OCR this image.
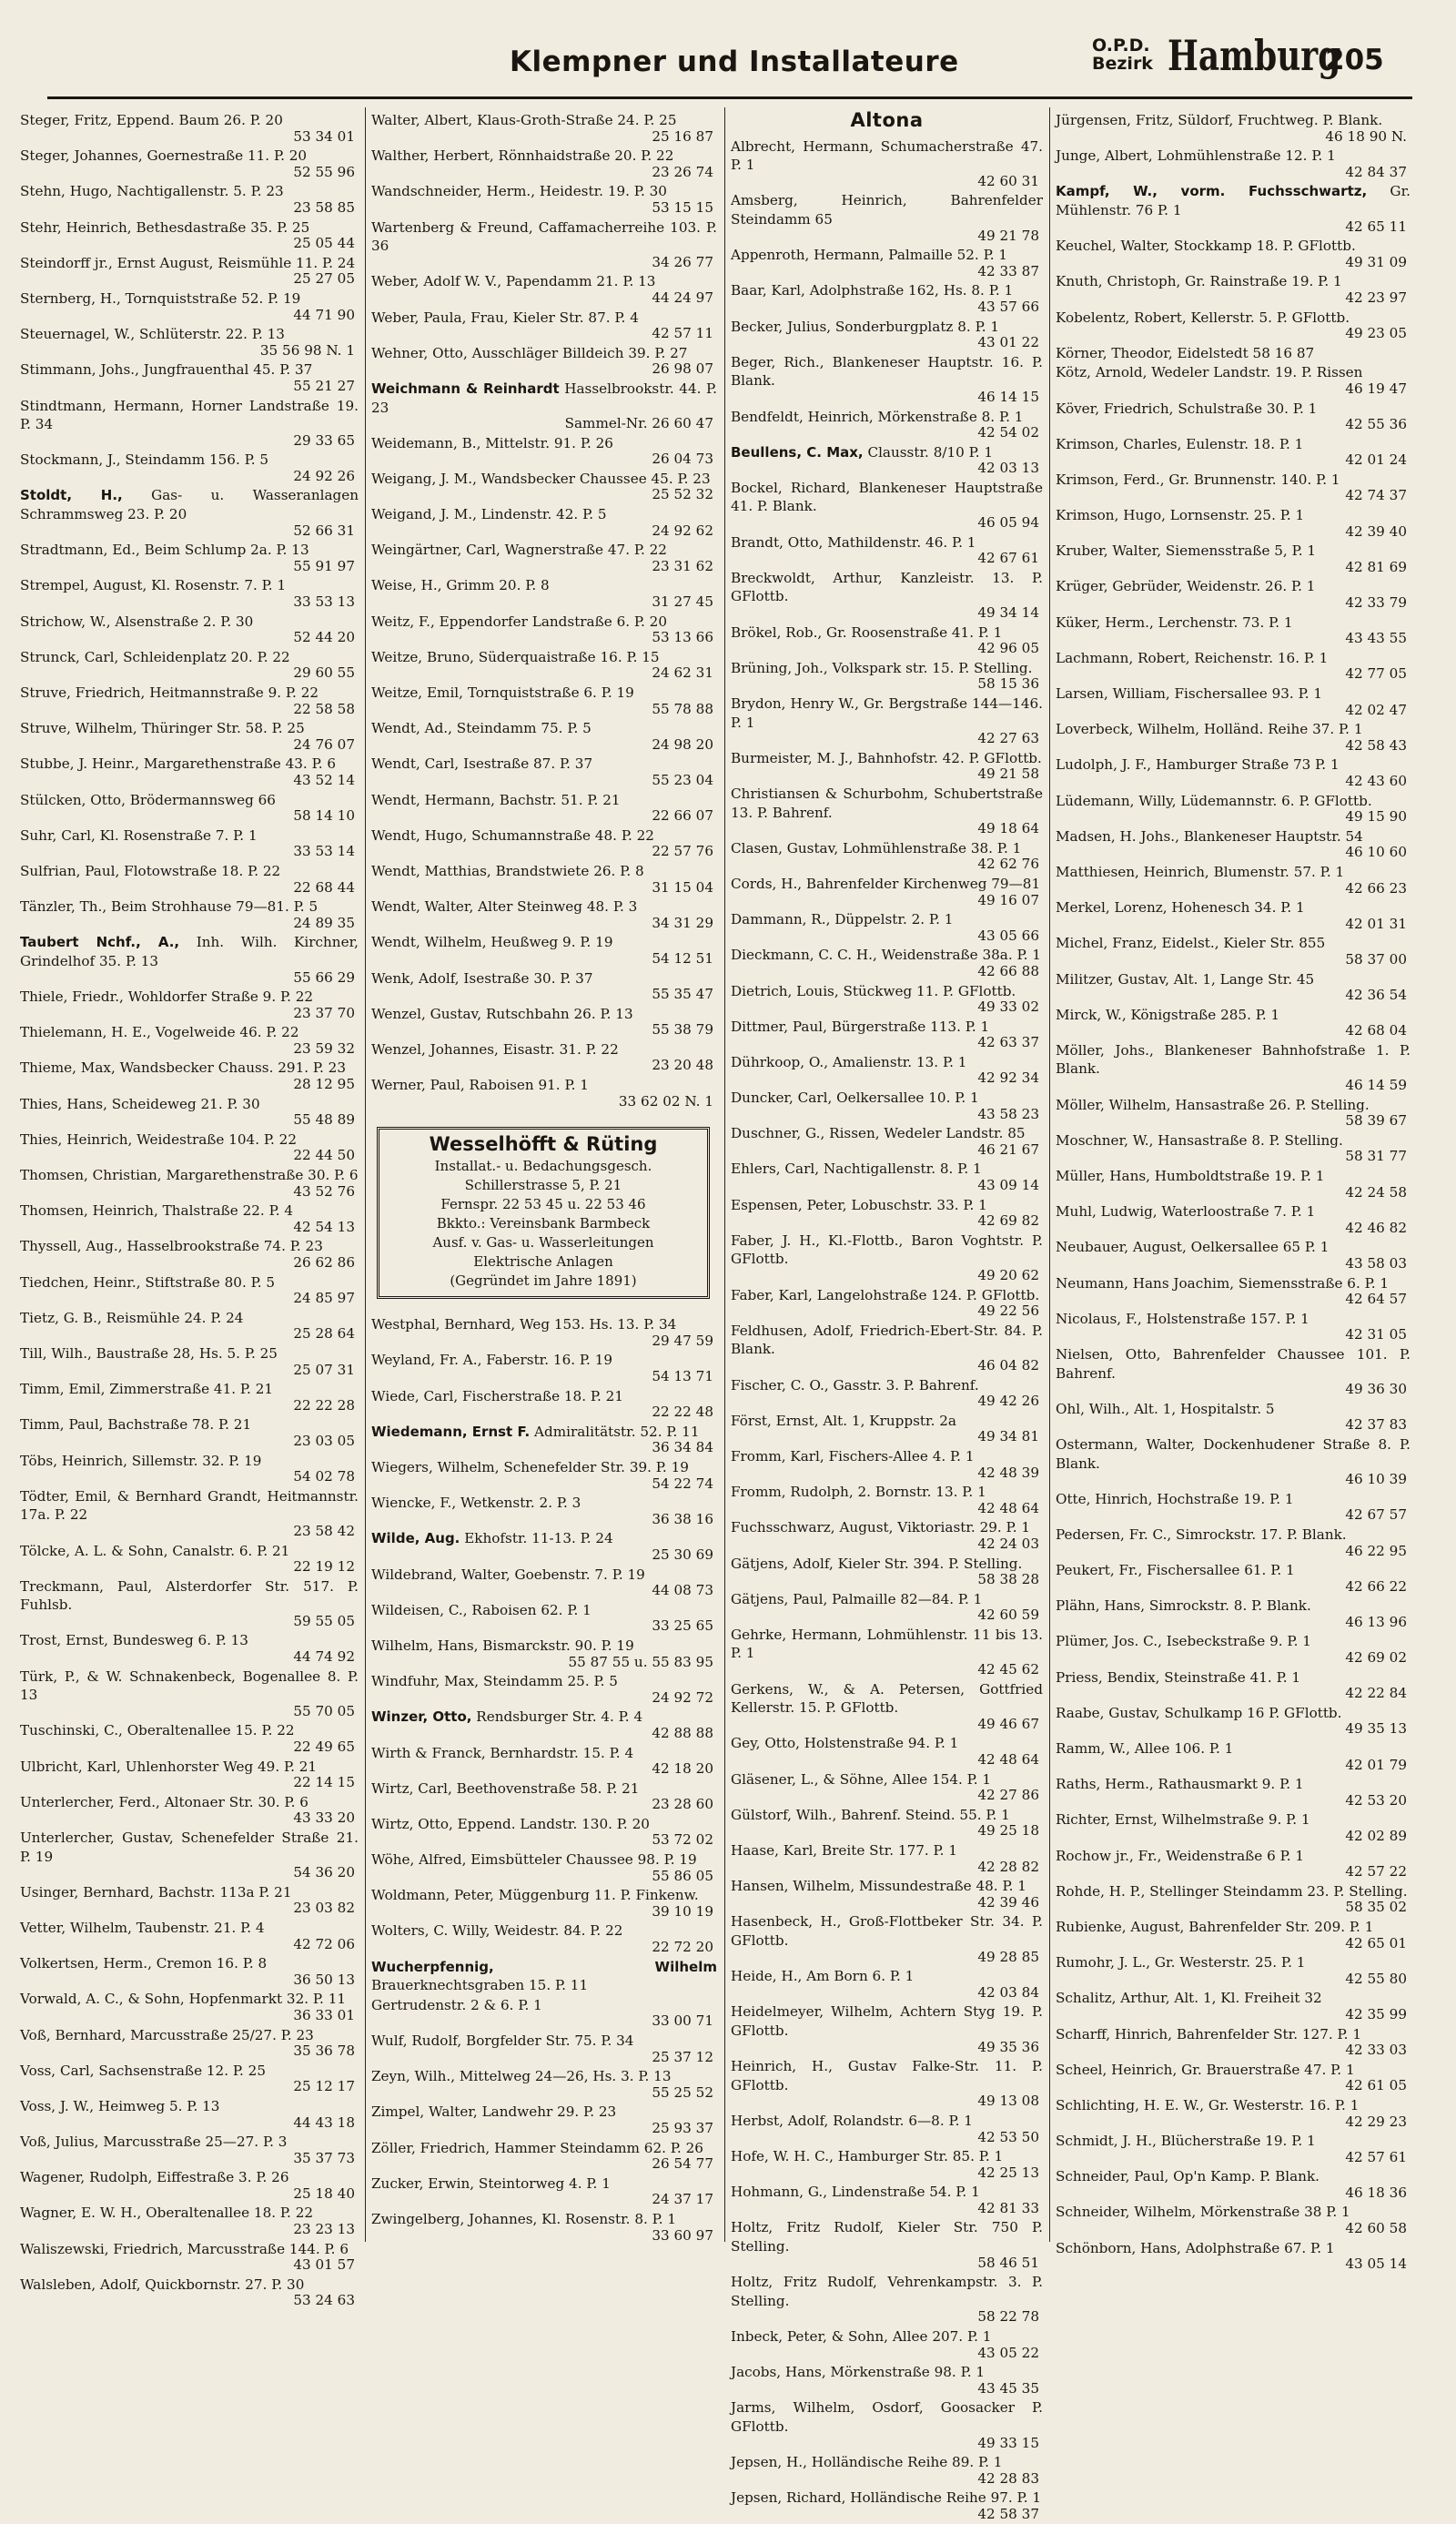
Klempner und Installateure	O.P.D.
Bezirk Hamburg
205
Steger, Fritz, Eppend. Baum 26. P. 20
53 34 01
Steger, Johannes, Goernestraße 11. P. 20
52 55 96
Stehn, Hugo, Nachtigallenstr. 5. P. 23
23 58 85
Stehr, Heinrich, Bethesdastraße 35. P. 25
25 05 44
Steindorff jr., Ernst August, Reismühle 11. P. 24
25 27 05
Sternberg, H., Tornquiststraße 52. P. 19
44 71 90
Steuernagel, W., Schlüterstr. 22. P. 13
35 56 98 N. 1
Stimmann, Johs., Jungfrauenthal 45. P. 37
55 21 27
Stindtmann, Hermann, Horner Landstraße 19. P. 34
29 33 65
Stockmann, J., Steindamm 156. P. 5
24 92 26
Stoldt, H., Gas- u. Wasseranlagen Schrammsweg 23. P. 20
52 66 31
Stradtmann, Ed., Beim Schlump 2a. P. 13
55 91 97
Strempel, August, Kl. Rosenstr. 7. P. 1
33 53 13
Strichow, W., Alsenstraße 2. P. 30
52 44 20
Strunck, Carl, Schleidenplatz 20. P. 22
29 60 55
Struve, Friedrich, Heitmannstraße 9. P. 22
22 58 58
Struve, Wilhelm, Thüringer Str. 58. P. 25
24 76 07
Stubbe, J. Heinr., Margarethenstraße 43. P. 6
43 52 14
Stülcken, Otto, Brödermannsweg 66
58 14 10
Suhr, Carl, Kl. Rosenstraße 7. P. 1
33 53 14
Sulfrian, Paul, Flotowstraße 18. P. 22
22 68 44
Tänzler, Th., Beim Strohhause 79—81. P. 5
24 89 35
Taubert Nchf., A., Inh. Wilh. Kirchner, Grindelhof 35. P. 13
55 66 29
Thiele, Friedr., Wohldorfer Straße 9. P. 22
23 37 70
Thielemann, H. E., Vogelweide 46. P. 22
23 59 32
Thieme, Max, Wandsbecker Chauss. 291. P. 23
28 12 95
Thies, Hans, Scheideweg 21. P. 30
55 48 89
Thies, Heinrich, Weidestraße 104. P. 22
22 44 50
Thomsen, Christian, Margarethenstraße 30. P. 6
43 52 76
Thomsen, Heinrich, Thalstraße 22. P. 4
42 54 13
Thyssell, Aug., Hasselbrookstraße 74. P. 23
26 62 86
Tiedchen, Heinr., Stiftstraße 80. P. 5
24 85 97
Tietz, G. B., Reismühle 24. P. 24
25 28 64
Till, Wilh., Baustraße 28, Hs. 5. P. 25
25 07 31
Timm, Emil, Zimmerstraße 41. P. 21
22 22 28
Timm, Paul, Bachstraße 78. P. 21
23 03 05
Töbs, Heinrich, Sillemstr. 32. P. 19
54 02 78
Tödter, Emil, & Bernhard Grandt, Heitmannstr. 17a. P. 22
23 58 42
Tölcke, A. L. & Sohn, Canalstr. 6. P. 21
22 19 12
Treckmann, Paul, Alsterdorfer Str. 517. P. Fuhlsb.
59 55 05
Trost, Ernst, Bundesweg 6. P. 13
44 74 92
Türk, P., & W. Schnakenbeck, Bogenallee 8. P. 13
55 70 05
Tuschinski, C., Oberaltenallee 15. P. 22
22 49 65
Ulbricht, Karl, Uhlenhorster Weg 49. P. 21
22 14 15
Unterlercher, Ferd., Altonaer Str. 30. P. 6
43 33 20
Unterlercher, Gustav, Schenefelder Straße 21. P. 19
54 36 20
Usinger, Bernhard, Bachstr. 113a P. 21
23 03 82
Vetter, Wilhelm, Taubenstr. 21. P. 4
42 72 06
Volkertsen, Herm., Cremon 16. P. 8
36 50 13
Vorwald, A. C., & Sohn, Hopfenmarkt 32. P. 11
36 33 01
Voß, Bernhard, Marcusstraße 25/27. P. 23
35 36 78
Voss, Carl, Sachsenstraße 12. P. 25
25 12 17
Voss, J. W., Heimweg 5. P. 13
44 43 18
Voß, Julius, Marcusstraße 25—27. P. 3
35 37 73
Wagener, Rudolph, Eiffestraße 3. P. 26
25 18 40
Wagner, E. W. H., Oberaltenallee 18. P. 22
23 23 13
Waliszewski, Friedrich, Marcusstraße 144. P. 6
43 01 57
Walsleben, Adolf, Quickbornstr. 27. P. 30
53 24 63
Walter, Albert, Klaus-Groth-Straße 24. P. 25
25 16 87
Walther, Herbert, Rönnhaidstraße 20. P. 22
23 26 74
Wandschneider, Herm., Heidestr. 19. P. 30
53 15 15
Wartenberg & Freund, Caffamacherreihe 103. P. 36
34 26 77
Weber, Adolf W. V., Papendamm 21. P. 13
44 24 97
Weber, Paula, Frau, Kieler Str. 87. P. 4
42 57 11
Wehner, Otto, Ausschläger Billdeich 39. P. 27
26 98 07
Weichmann & Reinhardt Hasselbrookstr. 44. P. 23
Sammel-Nr. 26 60 47
Weidemann, B., Mittelstr. 91. P. 26
26 04 73
Weigang, J. M., Wandsbecker Chaussee 45. P. 23
25 52 32
Weigand, J. M., Lindenstr. 42. P. 5
24 92 62
Weingärtner, Carl, Wagnerstraße 47. P. 22
23 31 62
Weise, H., Grimm 20. P. 8
31 27 45
Weitz, F., Eppendorfer Landstraße 6. P. 20
53 13 66
Weitze, Bruno, Süderquaistraße 16. P. 15
24 62 31
Weitze, Emil, Tornquiststraße 6. P. 19
55 78 88
Wendt, Ad., Steindamm 75. P. 5
24 98 20
Wendt, Carl, Isestraße 87. P. 37
55 23 04
Wendt, Hermann, Bachstr. 51. P. 21
22 66 07
Wendt, Hugo, Schumannstraße 48. P. 22
22 57 76
Wendt, Matthias, Brandstwiete 26. P. 8
31 15 04
Wendt, Walter, Alter Steinweg 48. P. 3
34 31 29
Wendt, Wilhelm, Heußweg 9. P. 19
54 12 51
Wenk, Adolf, Isestraße 30. P. 37
55 35 47
Wenzel, Gustav, Rutschbahn 26. P. 13
55 38 79
Wenzel, Johannes, Eisastr. 31. P. 22
23 20 48
Werner, Paul, Raboisen 91. P. 1
33 62 02 N. 1
Wesselhöfft & Rüting
Installat.- u. Bedachungsgesch.
Schillerstrasse 5, P. 21
Fernspr. 22 53 45 u. 22 53 46
Bkkto.: Vereinsbank Barmbeck
Ausf. v. Gas- u. Wasserleitungen
Elektrische Anlagen
(Gegründet im Jahre 1891)
Westphal, Bernhard, Weg 153. Hs. 13. P. 34
29 47 59
Weyland, Fr. A., Faberstr. 16. P. 19
54 13 71
Wiede, Carl, Fischerstraße 18. P. 21
22 22 48
Wiedemann, Ernst F. Admiralitätstr. 52. P. 11
36 34 84
Wiegers, Wilhelm, Schenefelder Str. 39. P. 19
54 22 74
Wiencke, F., Wetkenstr. 2. P. 3
36 38 16
Wilde, Aug. Ekhofstr. 11-13. P. 24
25 30 69
Wildebrand, Walter, Goebenstr. 7. P. 19
44 08 73
Wildeisen, C., Raboisen 62. P. 1
33 25 65
Wilhelm, Hans, Bismarckstr. 90. P. 19
55 87 55 u. 55 83 95
Windfuhr, Max, Steindamm 25. P. 5
24 92 72
Winzer, Otto, Rendsburger Str. 4. P. 4
42 88 88
Wirth & Franck, Bernhardstr. 15. P. 4
42 18 20
Wirtz, Carl, Beethovenstraße 58. P. 21
23 28 60
Wirtz, Otto, Eppend. Landstr. 130. P. 20
53 72 02
Wöhe, Alfred, Eimsbütteler Chaussee 98. P. 19
55 86 05
Woldmann, Peter, Müggenburg 11. P. Finkenw.
39 10 19
Wolters, C. Willy, Weidestr. 84. P. 22
22 72 20
Wucherpfennig, Wilhelm Brauerknechtsgraben 15. P. 11
Gertrudenstr. 2 & 6. P. 1
33 00 71
Wulf, Rudolf, Borgfelder Str. 75. P. 34
25 37 12
Zeyn, Wilh., Mittelweg 24—26, Hs. 3. P. 13
55 25 52
Zimpel, Walter, Landwehr 29. P. 23
25 93 37
Zöller, Friedrich, Hammer Steindamm 62. P. 26
26 54 77
Zucker, Erwin, Steintorweg 4. P. 1
24 37 17
Zwingelberg, Johannes, Kl. Rosenstr. 8. P. 1
33 60 97
Altona
Albrecht, Hermann, Schumacherstraße 47. P. 1
42 60 31
Amsberg, Heinrich, Bahrenfelder Steindamm 65
49 21 78
Appenroth, Hermann, Palmaille 52. P. 1
42 33 87
Baar, Karl, Adolphstraße 162, Hs. 8. P. 1
43 57 66
Becker, Julius, Sonderburgplatz 8. P. 1
43 01 22
Beger, Rich., Blankeneser Hauptstr. 16. P. Blank.
46 14 15
Bendfeldt, Heinrich, Mörkenstraße 8. P. 1
42 54 02
Beullens, C. Max, Clausstr. 8/10 P. 1
42 03 13
Bockel, Richard, Blankeneser Hauptstraße 41. P. Blank.
46 05 94
Brandt, Otto, Mathildenstr. 46. P. 1
42 67 61
Breckwoldt, Arthur, Kanzleistr. 13. P. GFlottb.
49 34 14
Brökel, Rob., Gr. Roosenstraße 41. P. 1
42 96 05
Brüning, Joh., Volkspark str. 15. P. Stelling.
58 15 36
Brydon, Henry W., Gr. Bergstraße 144—146. P. 1
42 27 63
Burmeister, M. J., Bahnhofstr. 42. P. GFlottb.
49 21 58
Christiansen & Schurbohm, Schubertstraße 13. P. Bahrenf.
49 18 64
Clasen, Gustav, Lohmühlenstraße 38. P. 1
42 62 76
Cords, H., Bahrenfelder Kirchenweg 79—81
49 16 07
Dammann, R., Düppelstr. 2. P. 1
43 05 66
Dieckmann, C. C. H., Weidenstraße 38a. P. 1
42 66 88
Dietrich, Louis, Stückweg 11. P. GFlottb.
49 33 02
Dittmer, Paul, Bürgerstraße 113. P. 1
42 63 37
Dührkoop, O., Amalienstr. 13. P. 1
42 92 34
Duncker, Carl, Oelkersallee 10. P. 1
43 58 23
Duschner, G., Rissen, Wedeler Landstr. 85
46 21 67
Ehlers, Carl, Nachtigallenstr. 8. P. 1
43 09 14
Espensen, Peter, Lobuschstr. 33. P. 1
42 69 82
Faber, J. H., Kl.-Flottb., Baron Voghtstr. P. GFlottb.
49 20 62
Faber, Karl, Langelohstraße 124. P. GFlottb.
49 22 56
Feldhusen, Adolf, Friedrich-Ebert-Str. 84. P. Blank.
46 04 82
Fischer, C. O., Gasstr. 3. P. Bahrenf.
49 42 26
Först, Ernst, Alt. 1, Kruppstr. 2a
49 34 81
Fromm, Karl, Fischers-Allee 4. P. 1
42 48 39
Fromm, Rudolph, 2. Bornstr. 13. P. 1
42 48 64
Fuchsschwarz, August, Viktoriastr. 29. P. 1
42 24 03
Gätjens, Adolf, Kieler Str. 394. P. Stelling.
58 38 28
Gätjens, Paul, Palmaille 82—84. P. 1
42 60 59
Gehrke, Hermann, Lohmühlenstr. 11 bis 13. P. 1
42 45 62
Gerkens, W., & A. Petersen, Gottfried Kellerstr. 15. P. GFlottb.
49 46 67
Gey, Otto, Holstenstraße 94. P. 1
42 48 64
Gläsener, L., & Söhne, Allee 154. P. 1
42 27 86
Gülstorf, Wilh., Bahrenf. Steind. 55. P. 1
49 25 18
Haase, Karl, Breite Str. 177. P. 1
42 28 82
Hansen, Wilhelm, Missundestraße 48. P. 1
42 39 46
Hasenbeck, H., Groß-Flottbeker Str. 34. P. GFlottb.
49 28 85
Heide, H., Am Born 6. P. 1
42 03 84
Heidelmeyer, Wilhelm, Achtern Styg 19. P. GFlottb.
49 35 36
Heinrich, H., Gustav Falke-Str. 11. P. GFlottb.
49 13 08
Herbst, Adolf, Rolandstr. 6—8. P. 1
42 53 50
Hofe, W. H. C., Hamburger Str. 85. P. 1
42 25 13
Hohmann, G., Lindenstraße 54. P. 1
42 81 33
Holtz, Fritz Rudolf, Kieler Str. 750 P. Stelling.
58 46 51
Holtz, Fritz Rudolf, Vehrenkampstr. 3. P. Stelling.
58 22 78
Inbeck, Peter, & Sohn, Allee 207. P. 1
43 05 22
Jacobs, Hans, Mörkenstraße 98. P. 1
43 45 35
Jarms, Wilhelm, Osdorf, Goosacker P. GFlottb.
49 33 15
Jepsen, H., Holländische Reihe 89. P. 1
42 28 83
Jepsen, Richard, Holländische Reihe 97. P. 1
42 58 37
Jürgensen, Fritz, Süldorf, Fruchtweg. P. Blank.
46 18 90 N.
Junge, Albert, Lohmühlenstraße 12. P. 1
42 84 37
Kampf, W., vorm. Fuchsschwartz, Gr. Mühlenstr. 76 P. 1
42 65 11
Keuchel, Walter, Stockkamp 18. P. GFlottb.
49 31 09
Knuth, Christoph, Gr. Rainstraße 19. P. 1
42 23 97
Kobelentz, Robert, Kellerstr. 5. P. GFlottb.
49 23 05
Körner, Theodor, Eidelstedt 58 16 87
Kötz, Arnold, Wedeler Landstr. 19. P. Rissen
46 19 47
Köver, Friedrich, Schulstraße 30. P. 1
42 55 36
Krimson, Charles, Eulenstr. 18. P. 1
42 01 24
Krimson, Ferd., Gr. Brunnenstr. 140. P. 1
42 74 37
Krimson, Hugo, Lornsenstr. 25. P. 1
42 39 40
Kruber, Walter, Siemensstraße 5, P. 1
42 81 69
Krüger, Gebrüder, Weidenstr. 26. P. 1
42 33 79
Küker, Herm., Lerchenstr. 73. P. 1
43 43 55
Lachmann, Robert, Reichenstr. 16. P. 1
42 77 05
Larsen, William, Fischersallee 93. P. 1
42 02 47
Loverbeck, Wilhelm, Holländ. Reihe 37. P. 1
42 58 43
Ludolph, J. F., Hamburger Straße 73 P. 1
42 43 60
Lüdemann, Willy, Lüdemannstr. 6. P. GFlottb.
49 15 90
Madsen, H. Johs., Blankeneser Hauptstr. 54
46 10 60
Matthiesen, Heinrich, Blumenstr. 57. P. 1
42 66 23
Merkel, Lorenz, Hohenesch 34. P. 1
42 01 31
Michel, Franz, Eidelst., Kieler Str. 855
58 37 00
Militzer, Gustav, Alt. 1, Lange Str. 45
42 36 54
Mirck, W., Königstraße 285. P. 1
42 68 04
Möller, Johs., Blankeneser Bahnhofstraße 1. P. Blank.
46 14 59
Möller, Wilhelm, Hansastraße 26. P. Stelling.
58 39 67
Moschner, W., Hansastraße 8. P. Stelling.
58 31 77
Müller, Hans, Humboldtstraße 19. P. 1
42 24 58
Muhl, Ludwig, Waterloostraße 7. P. 1
42 46 82
Neubauer, August, Oelkersallee 65 P. 1
43 58 03
Neumann, Hans Joachim, Siemensstraße 6. P. 1
42 64 57
Nicolaus, F., Holstenstraße 157. P. 1
42 31 05
Nielsen, Otto, Bahrenfelder Chaussee 101. P. Bahrenf.
49 36 30
Ohl, Wilh., Alt. 1, Hospitalstr. 5
42 37 83
Ostermann, Walter, Dockenhudener Straße 8. P. Blank.
46 10 39
Otte, Hinrich, Hochstraße 19. P. 1
42 67 57
Pedersen, Fr. C., Simrockstr. 17. P. Blank.
46 22 95
Peukert, Fr., Fischersallee 61. P. 1
42 66 22
Plähn, Hans, Simrockstr. 8. P. Blank.
46 13 96
Plümer, Jos. C., Isebeckstraße 9. P. 1
42 69 02
Priess, Bendix, Steinstraße 41. P. 1
42 22 84
Raabe, Gustav, Schulkamp 16 P. GFlottb.
49 35 13
Ramm, W., Allee 106. P. 1
42 01 79
Raths, Herm., Rathausmarkt 9. P. 1
42 53 20
Richter, Ernst, Wilhelmstraße 9. P. 1
42 02 89
Rochow jr., Fr., Weidenstraße 6 P. 1
42 57 22
Rohde, H. P., Stellinger Steindamm 23. P. Stelling.
58 35 02
Rubienke, August, Bahrenfelder Str. 209. P. 1
42 65 01
Rumohr, J. L., Gr. Westerstr. 25. P. 1
42 55 80
Schalitz, Arthur, Alt. 1, Kl. Freiheit 32
42 35 99
Scharff, Hinrich, Bahrenfelder Str. 127. P. 1
42 33 03
Scheel, Heinrich, Gr. Brauerstraße 47. P. 1
42 61 05
Schlichting, H. E. W., Gr. Westerstr. 16. P. 1
42 29 23
Schmidt, J. H., Blücherstraße 19. P. 1
42 57 61
Schneider, Paul, Op'n Kamp. P. Blank.
46 18 36
Schneider, Wilhelm, Mörkenstraße 38 P. 1
42 60 58
Schönborn, Hans, Adolphstraße 67. P. 1
43 05 14
